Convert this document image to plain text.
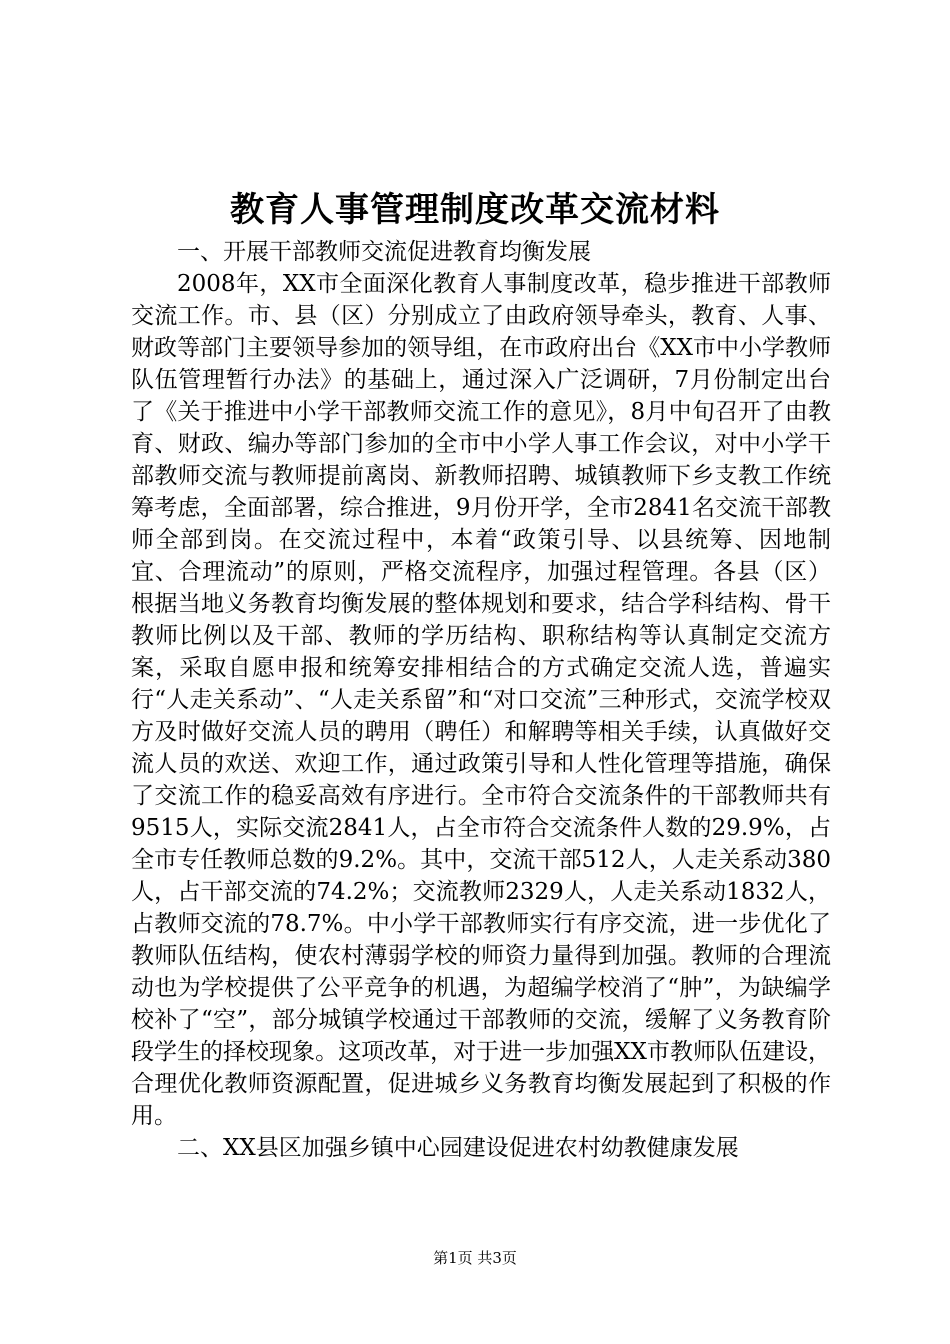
教育人事管理制度改革交流材料

一、开展干部教师交流促进教育均衡发展

2008年，XX市全面深化教育人事制度改革，稳步推进干部教师交流工作。市、县（区）分别成立了由政府领导牵头，教育、人事、财政等部门主要领导参加的领导组，在市政府出台《XX市中小学教师队伍管理暂行办法》的基础上，通过深入广泛调研，7月份制定出台了《关于推进中小学干部教师交流工作的意见》，8月中旬召开了由教育、财政、编办等部门参加的全市中小学人事工作会议，对中小学干部教师交流与教师提前离岗、新教师招聘、城镇教师下乡支教工作统筹考虑，全面部署，综合推进，9月份开学，全市2841名交流干部教师全部到岗。在交流过程中，本着“政策引导、以县统筹、因地制宜、合理流动”的原则，严格交流程序，加强过程管理。各县（区）根据当地义务教育均衡发展的整体规划和要求，结合学科结构、骨干教师比例以及干部、教师的学历结构、职称结构等认真制定交流方案，采取自愿申报和统筹安排相结合的方式确定交流人选，普遍实行“人走关系动”、“人走关系留”和“对口交流”三种形式，交流学校双方及时做好交流人员的聘用（聘任）和解聘等相关手续，认真做好交流人员的欢送、欢迎工作，通过政策引导和人性化管理等措施，确保了交流工作的稳妥高效有序进行。全市符合交流条件的干部教师共有9515人，实际交流2841人，占全市符合交流条件人数的29.9%，占全市专任教师总数的9.2%。其中，交流干部512人，人走关系动380人，占干部交流的74.2%；交流教师2329人，人走关系动1832人，占教师交流的78.7%。中小学干部教师实行有序交流，进一步优化了教师队伍结构，使农村薄弱学校的师资力量得到加强。教师的合理流动也为学校提供了公平竞争的机遇，为超编学校消了“肿”，为缺编学校补了“空”，部分城镇学校通过干部教师的交流，缓解了义务教育阶段学生的择校现象。这项改革，对于进一步加强XX市教师队伍建设，合理优化教师资源配置，促进城乡义务教育均衡发展起到了积极的作用。

二、XX县区加强乡镇中心园建设促进农村幼教健康发展

第1页 共3页
